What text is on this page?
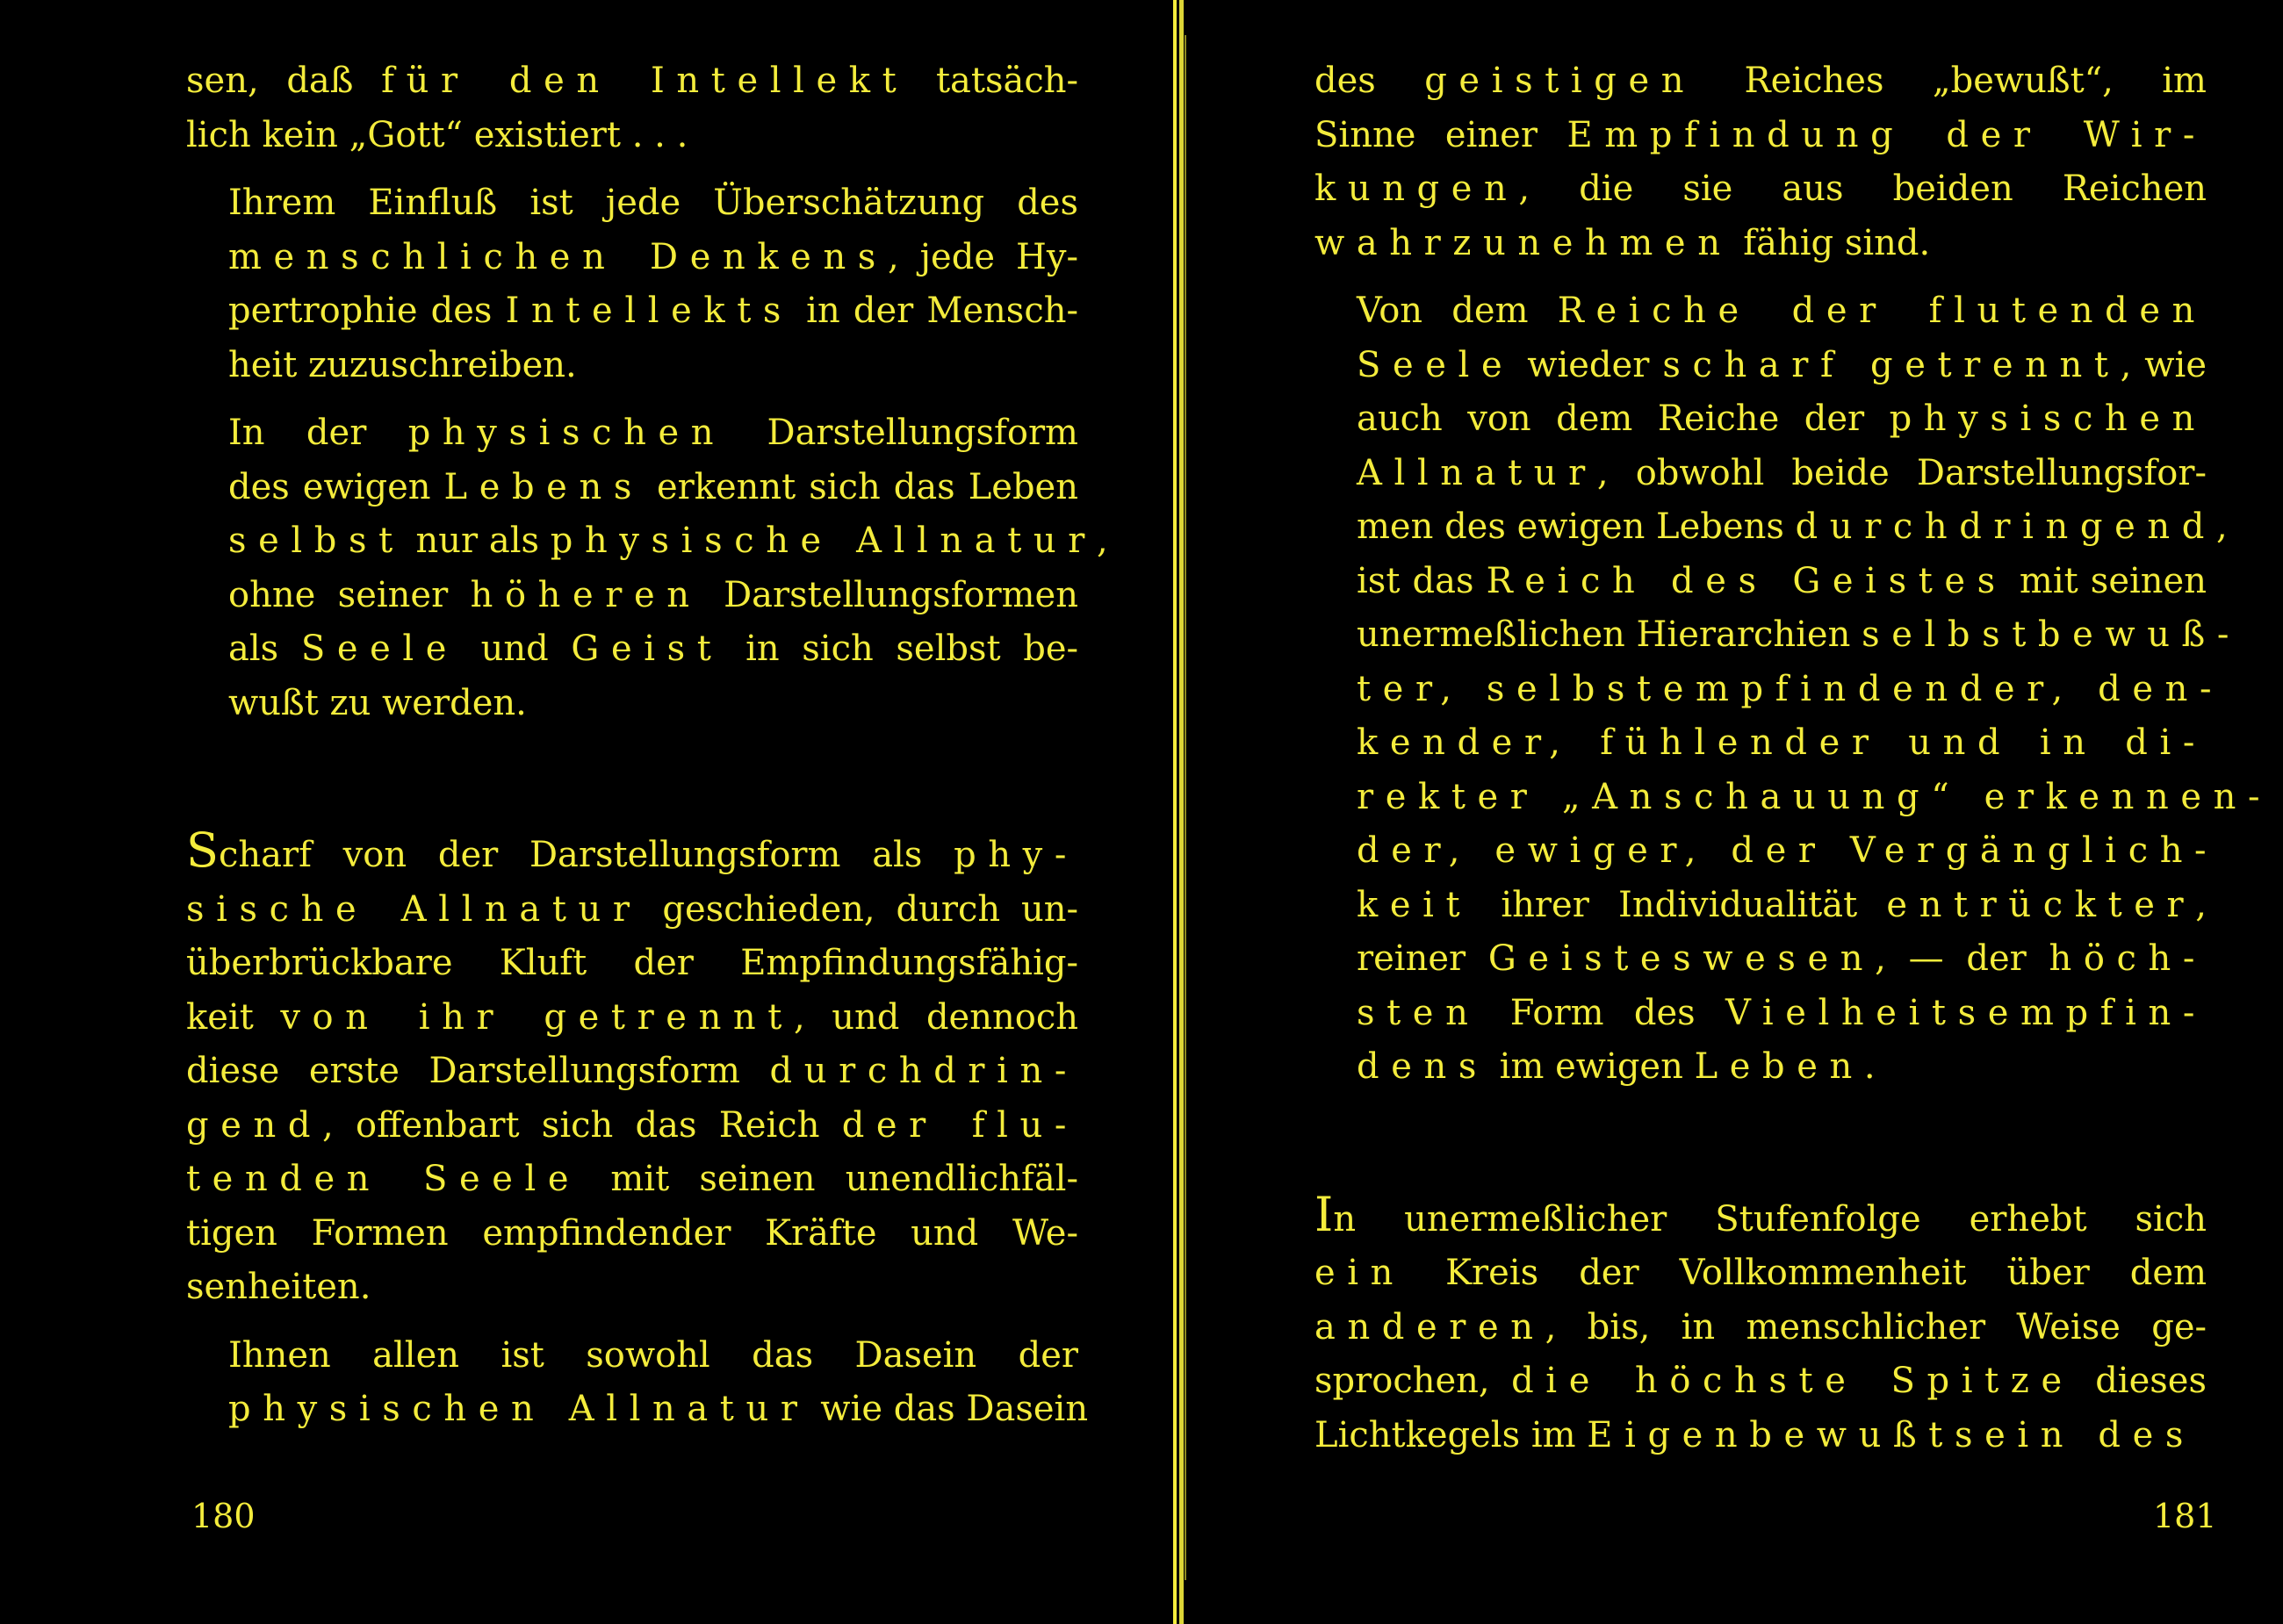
sen, daß für den Intellekt tatsäch-
lich kein „Gott“ existiert . . .

Ihrem Einfluß ist jede Überschätzung des
menschlichen Denkens, jede Hy-
pertrophie des Intellekts in der Mensch-
heit zuzuschreiben.

In der physischen Darstellungsform
des ewigen Lebens erkennt sich das Leben
selbst nur als physische Allnatur,
ohne seiner höheren Darstellungsformen
als Seele und Geist in sich selbst be-
wußt zu werden.

Scharf von der Darstellungsform als phy-
sische Allnatur geschieden, durch un-
überbrückbare Kluft der Empfindungsfähig-
keit von ihr getrennt, und dennoch
diese erste Darstellungsform durchdrin-
gend, offenbart sich das Reich der flu-
tenden Seele mit seinen unendlichfäl-
tigen Formen empfindender Kräfte und We-
senheiten.

Ihnen allen ist sowohl das Dasein der
physischen Allnatur wie das Dasein

180

des geistigen Reiches „bewußt“, im
Sinne einer Empfindung der Wir-
kungen, die sie aus beiden Reichen
wahrzunehmen fähig sind.

Von dem Reiche der flutenden
Seele wieder scharf getrennt, wie
auch von dem Reiche der physischen
Allnatur, obwohl beide Darstellungsfor-
men des ewigen Lebens durchdringend,
ist das Reich des Geistes mit seinen
unermeßlichen Hierarchien selbstbewuß-
ter, selbstempfindender, den-
kender, fühlender und in di-
rekter „Anschauung“ erkennen-
der, ewiger, der Vergänglich-
keit ihrer Individualität entrückter,
reiner Geisteswesen, — der höch-
sten Form des Vielheitsempfin-
dens im ewigen Leben.

In unermeßlicher Stufenfolge erhebt sich
ein Kreis der Vollkommenheit über dem
anderen, bis, in menschlicher Weise ge-
sprochen, die höchste Spitze dieses
Lichtkegels im Eigenbewußtsein des

181
